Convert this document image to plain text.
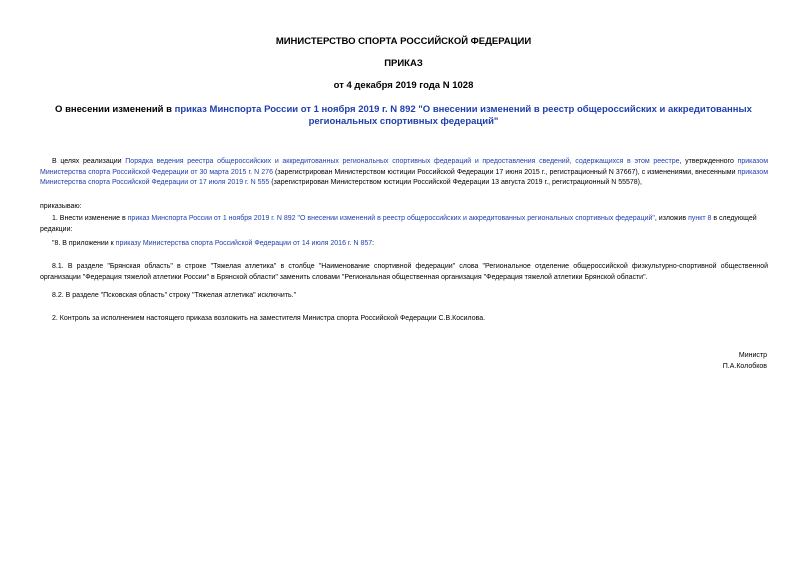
МИНИСТЕРСТВО СПОРТА РОССИЙСКОЙ ФЕДЕРАЦИИ
ПРИКАЗ
от 4 декабря 2019 года N 1028
О внесении изменений в приказ Минспорта России от 1 ноября 2019 г. N 892 "О внесении изменений в реестр общероссийских и аккредитованных региональных спортивных федераций"
В целях реализации Порядка ведения реестра общероссийских и аккредитованных региональных спортивных федераций и предоставления сведений, содержащихся в этом реестре, утвержденного приказом Министерства спорта Российской Федерации от 30 марта 2015 г. N 276 (зарегистрирован Министерством юстиции Российской Федерации 17 июня 2015 г., регистрационный N 37667), с изменениями, внесенными приказом Министерства спорта Российской Федерации от 17 июля 2019 г. N 555 (зарегистрирован Министерством юстиции Российской Федерации 13 августа 2019 г., регистрационный N 55578),
приказываю:
1. Внести изменение в приказ Минспорта России от 1 ноября 2019 г. N 892 "О внесении изменений в реестр общероссийских и аккредитованных региональных спортивных федераций", изложив пункт 8 в следующей редакции:
"8. В приложении к приказу Министерства спорта Российской Федерации от 14 июля 2016 г. N 857:
8.1. В разделе "Брянская область" в строке "Тяжелая атлетика" в столбце "Наименование спортивной федерации" слова "Региональное отделение общероссийской физкультурно-спортивной общественной организации "Федерация тяжелой атлетики России" в Брянской области" заменить словами "Региональная общественная организация "Федерация тяжелой атлетики Брянской области".
8.2. В разделе "Псковская область" строку "Тяжелая атлетика" исключить."
2. Контроль за исполнением настоящего приказа возложить на заместителя Министра спорта Российской Федерации С.В.Косилова.
Министр
П.А.Колобков
